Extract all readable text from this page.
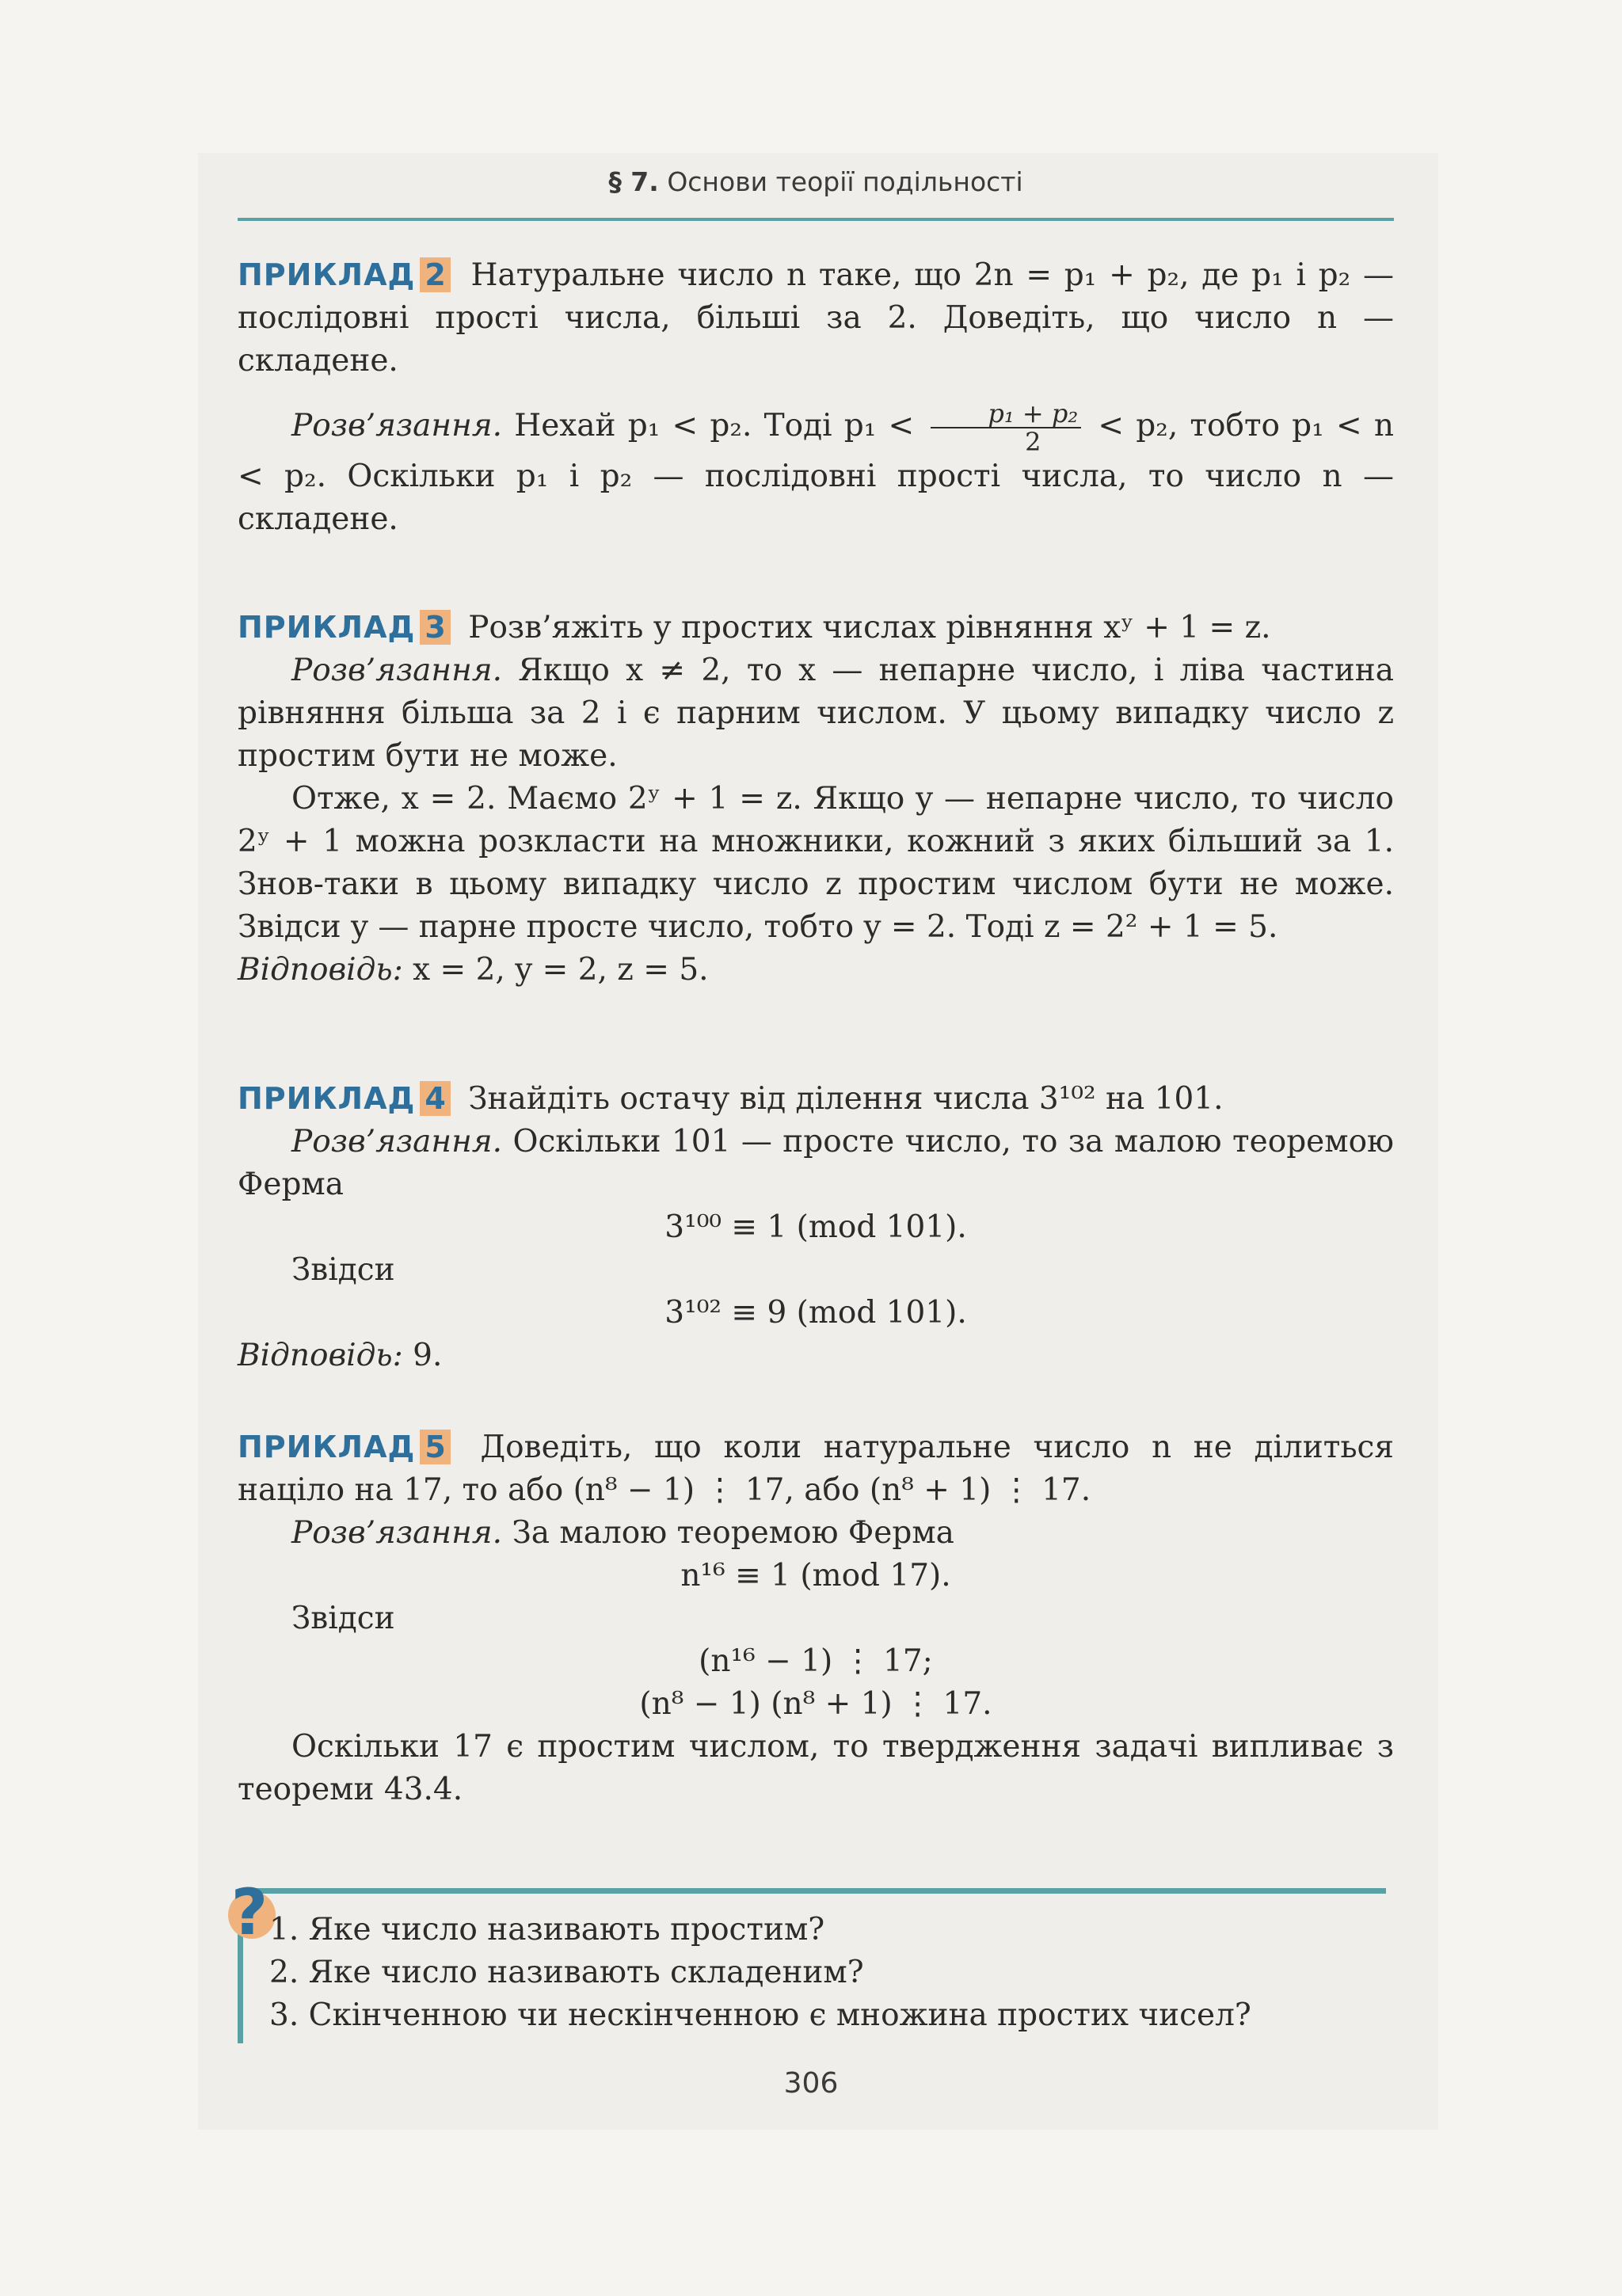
§ 7. Основи теорії подільності

ПРИКЛАД 2 Натуральне число n таке, що 2n = p₁ + p₂, де p₁ і p₂ — послідовні прості числа, більші за 2. Доведіть, що число n — складене.

Розв’язання. Нехай p₁ < p₂. Тоді $p_1 < \frac{\text{p₁ + p₂}}{2} < p_2$, тобто p₁ < n < p₂. Оскільки p₁ і p₂ — послідовні прості числа, то число n — складене.

ПРИКЛАД 3 Розв’яжіть у простих числах рівняння xʸ + 1 = z.

Розв’язання. Якщо x ≠ 2, то x — непарне число, і ліва частина рівняння більша за 2 і є парним числом. У цьому випадку число z простим бути не може.

Отже, x = 2. Маємо 2ʸ + 1 = z. Якщо y — непарне число, то число 2ʸ + 1 можна розкласти на множники, кожний з яких більший за 1. Знов-таки в цьому випадку число z простим числом бути не може. Звідси y — парне просте число, тобто y = 2. Тоді z = 2² + 1 = 5.

Відповідь: x = 2, y = 2, z = 5.

ПРИКЛАД 4 Знайдіть остачу від ділення числа 3¹⁰² на 101.

Розв’язання. Оскільки 101 — просте число, то за малою теоремою Ферма

3¹⁰⁰ ≡ 1 (mod 101).

Звідси

3¹⁰² ≡ 9 (mod 101).

Відповідь: 9.

ПРИКЛАД 5 Доведіть, що коли натуральне число n не ділиться націло на 17, то або (n⁸ − 1) ⋮ 17, або (n⁸ + 1) ⋮ 17.

Розв’язання. За малою теоремою Ферма

n¹⁶ ≡ 1 (mod 17).

Звідси

(n¹⁶ − 1) ⋮ 17;

(n⁸ − 1) (n⁸ + 1) ⋮ 17.

Оскільки 17 є простим числом, то твердження задачі випливає з теореми 43.4.

? 1. Яке число називають простим?
2. Яке число називають складеним?
3. Скінченною чи нескінченною є множина простих чисел?
306
